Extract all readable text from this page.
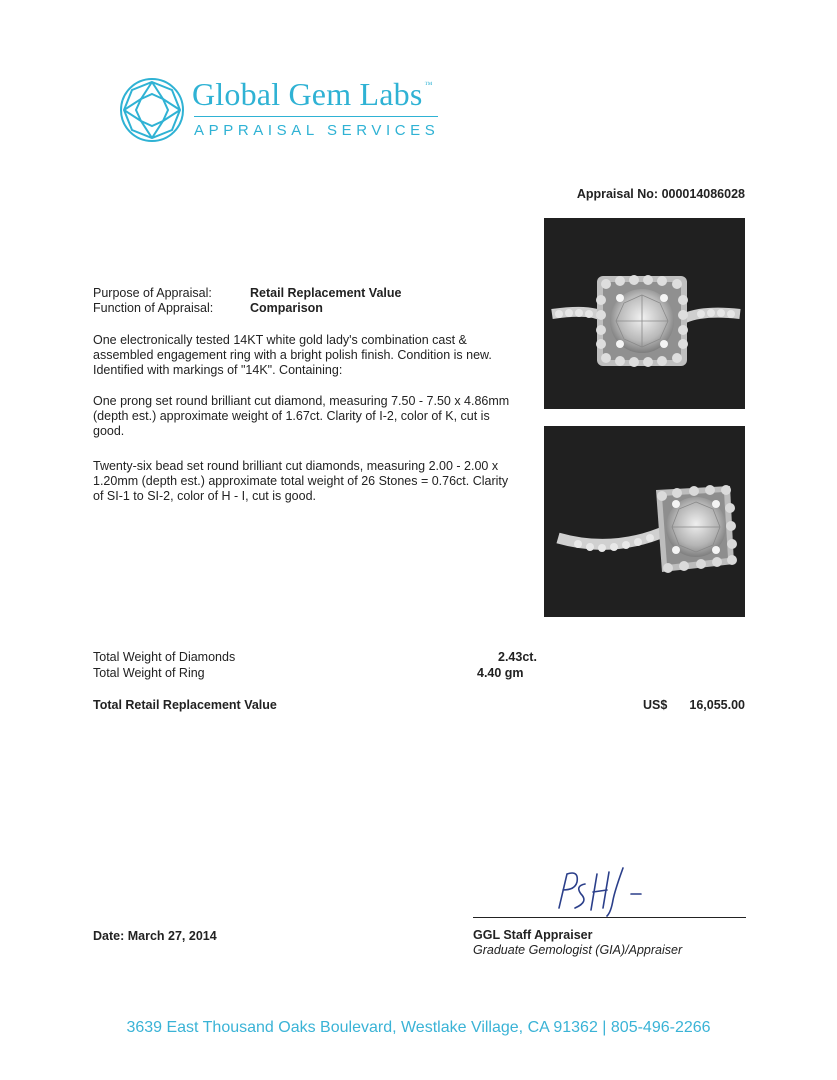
Global Gem Labs ™
APPRAISAL SERVICES
Appraisal No: 000014086028
Purpose of Appraisal:	Retail Replacement Value
Function of Appraisal:	Comparison
One electronically tested 14KT white gold lady's combination cast & assembled engagement ring with a bright polish finish. Condition is new. Identified with markings of "14K". Containing:
One prong set round brilliant cut diamond, measuring 7.50 - 7.50 x 4.86mm (depth est.) approximate weight of 1.67ct. Clarity of I-2, color of K, cut is good.
Twenty-six bead set round brilliant cut diamonds, measuring 2.00 - 2.00 x 1.20mm (depth est.) approximate total weight of 26 Stones = 0.76ct. Clarity of SI-1 to SI-2, color of H - I, cut is good.
Total Weight of Diamonds	2.43ct.
Total Weight of Ring	4.40 gm
Total Retail Replacement Value	US$ 16,055.00
Date: March 27, 2014	GGL Staff Appraiser
Graduate Gemologist (GIA)/Appraiser
3639 East Thousand Oaks Boulevard, Westlake Village, CA 91362 | 805-496-2266
